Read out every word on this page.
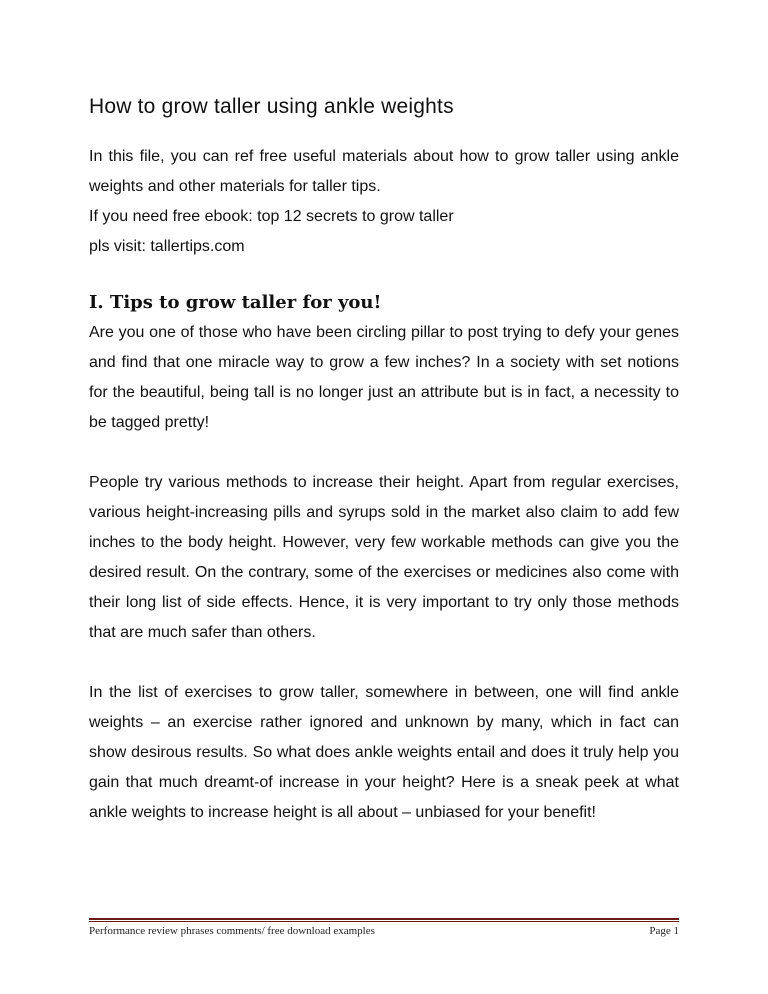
How to grow taller using ankle weights

In this file, you can ref free useful materials about how to grow taller using ankle weights and other materials for taller tips.

If you need free ebook: top 12 secrets to grow taller
pls visit: tallertips.com
I. Tips to grow taller for you!

Are you one of those who have been circling pillar to post trying to defy your genes and find that one miracle way to grow a few inches? In a society with set notions for the beautiful, being tall is no longer just an attribute but is in fact, a necessity to be tagged pretty!

People try various methods to increase their height. Apart from regular exercises, various height-increasing pills and syrups sold in the market also claim to add few inches to the body height. However, very few workable methods can give you the desired result. On the contrary, some of the exercises or medicines also come with their long list of side effects. Hence, it is very important to try only those methods that are much safer than others.

In the list of exercises to grow taller, somewhere in between, one will find ankle weights – an exercise rather ignored and unknown by many, which in fact can show desirous results. So what does ankle weights entail and does it truly help you gain that much dreamt-of increase in your height? Here is a sneak peek at what ankle weights to increase height is all about – unbiased for your benefit!

Performance review phrases comments/ free download examples	Page 1
